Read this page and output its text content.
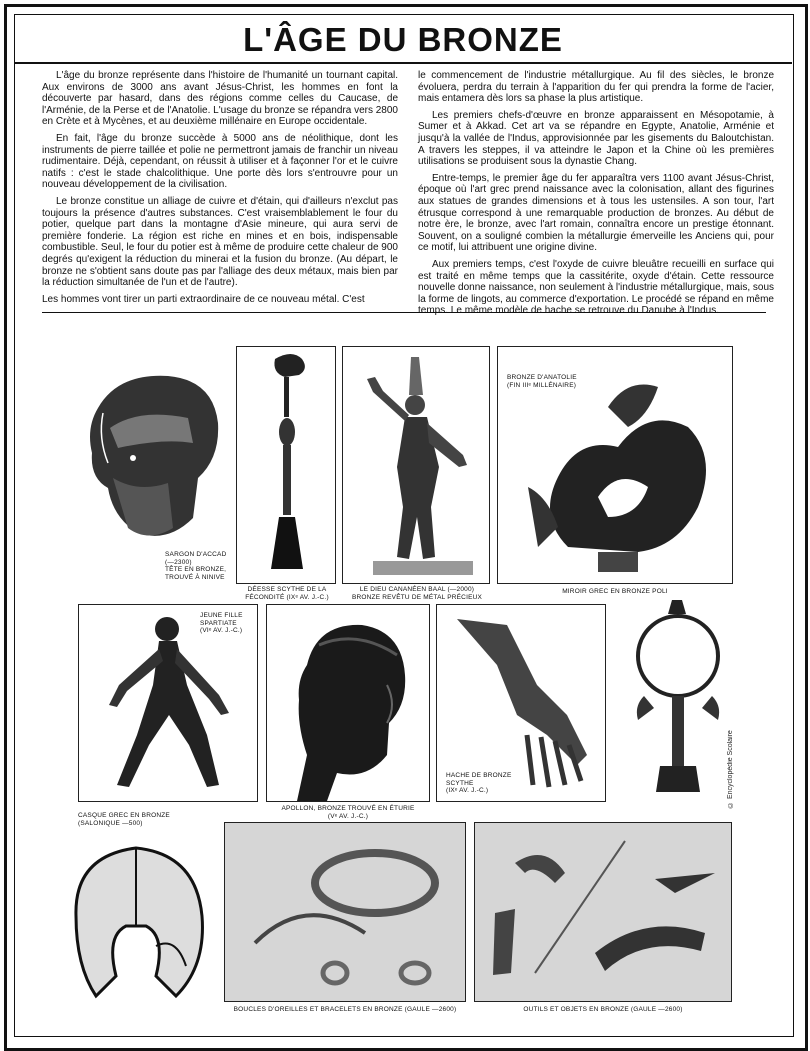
L'ÂGE DU BRONZE

L'âge du bronze représente dans l'histoire de l'humanité un tournant capital. Aux environs de 3000 ans avant Jésus-Christ, les hommes en font la découverte par hasard, dans des régions comme celles du Caucase, de l'Arménie, de la Perse et de l'Anatolie. L'usage du bronze se répandra vers 2800 en Crète et à Mycènes, et au deuxième millénaire en Europe occidentale.

En fait, l'âge du bronze succède à 5000 ans de néolithique, dont les instruments de pierre taillée et polie ne permettront jamais de franchir un niveau rudimentaire. Déjà, cependant, on réussit à utiliser et à façonner l'or et le cuivre natifs : c'est le stade chalcolithique. Une porte dès lors s'entrouvre pour un nouveau développement de la civilisation.

Le bronze constitue un alliage de cuivre et d'étain, qui d'ailleurs n'exclut pas toujours la présence d'autres substances. C'est vraisemblablement le four du potier, quelque part dans la montagne d'Asie mineure, qui aura servi de première fonderie. La région est riche en mines et en bois, indispensable combustible. Seul, le four du potier est à même de produire cette chaleur de 900 degrés qu'exigent la réduction du minerai et la fusion du bronze. (Au départ, le bronze ne s'obtient sans doute pas par l'alliage des deux métaux, mais bien par la réduction simultanée de l'un et de l'autre).

Les hommes vont tirer un parti extraordinaire de ce nouveau métal. C'est

le commencement de l'industrie métallurgique. Au fil des siècles, le bronze évoluera, perdra du terrain à l'apparition du fer qui prendra la forme de l'acier, mais entamera dès lors sa phase la plus artistique.

Les premiers chefs-d'œuvre en bronze apparaissent en Mésopotamie, à Sumer et à Akkad. Cet art va se répandre en Egypte, Anatolie, Arménie et jusqu'à la vallée de l'Indus, approvisionnée par les gisements du Baloutchistan. A travers les steppes, il va atteindre le Japon et la Chine où les premières utilisations se produisent sous la dynastie Chang.

Entre-temps, le premier âge du fer apparaîtra vers 1100 avant Jésus-Christ, époque où l'art grec prend naissance avec la colonisation, allant des figurines aux statues de grandes dimensions et à tous les ustensiles. A son tour, l'art étrusque correspond à une remarquable production de bronzes. Au début de notre ère, le bronze, avec l'art romain, connaîtra encore un prestige étonnant. Souvent, on a souligné combien la métallurgie émerveille les Anciens qui, pour ce motif, lui attribuent une origine divine.

Aux premiers temps, c'est l'oxyde de cuivre bleuâtre recueilli en surface qui est traité en même temps que la cassitérite, oxyde d'étain. Cette ressource nouvelle donne naissance, non seulement à l'industrie métallurgique, mais, sous la forme de lingots, au commerce d'exportation. Le procédé se répand en même temps. Le même modèle de hache se retrouve du Danube à l'Indus.

SARGON D'ACCAD
(—2300)
TÊTE EN BRONZE,
TROUVÉ À NINIVE
DÉESSE SCYTHE DE LA
FÉCONDITÉ (IXᵉ AV. J.-C.)
LE DIEU CANANÉEN BAAL (—2000)
BRONZE REVÊTU DE MÉTAL PRÉCIEUX
BRONZE D'ANATOLIE
(FIN IIIᵉ MILLÉNAIRE)
MIROIR GREC EN BRONZE POLI
JEUNE FILLE
SPARTIATE
(VIᵉ AV. J.-C.)
APOLLON, BRONZE TROUVÉ EN ÉTURIE
(Vᵉ AV. J.-C.)
HACHE DE BRONZE
SCYTHE
(IXᵉ AV. J.-C.)	© Encyclopédie Scolaire
CASQUE GREC EN BRONZE
(SALONIQUE —500)
BOUCLES D'OREILLES ET BRACELETS EN BRONZE (GAULE —2600)	OUTILS ET OBJETS EN BRONZE (GAULE —2600)
